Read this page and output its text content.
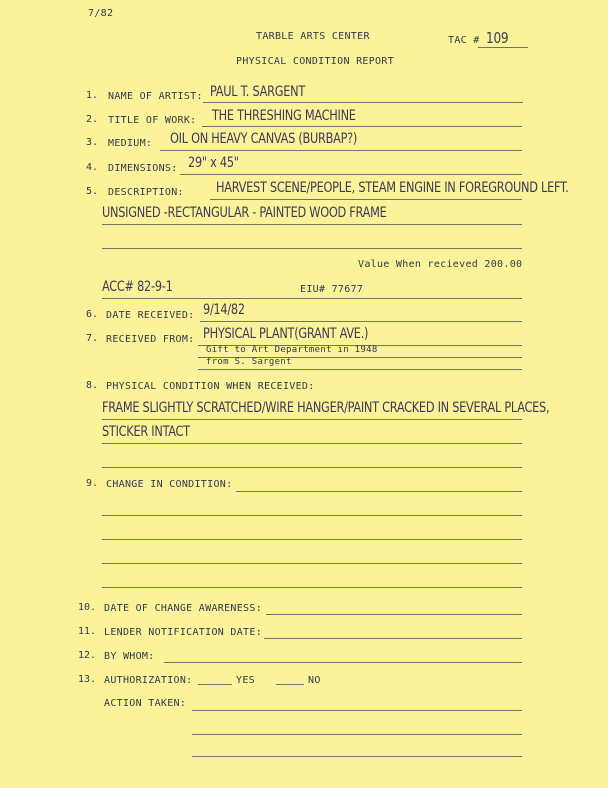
7/82
TARBLE ARTS CENTER	TAC # 109
PHYSICAL CONDITION REPORT
1. NAME OF ARTIST: PAUL T. SARGENT
2. TITLE OF WORK: THE THRESHING MACHINE
3. MEDIUM: OIL ON HEAVY CANVAS (BURBAP?)
4. DIMENSIONS: 29" x 45"
5. DESCRIPTION: HARVEST SCENE/PEOPLE, STEAM ENGINE IN FOREGROUND LEFT.
UNSIGNED -RECTANGULAR - PAINTED WOOD FRAME
Value When recieved 200.00
ACC# 82-9-1	EIU# 77677
6. DATE RECEIVED: 9/14/82
7. RECEIVED FROM: PHYSICAL PLANT(GRANT AVE.)
Gift to Art Department in 1948
from S. Sargent
8. PHYSICAL CONDITION WHEN RECEIVED:
FRAME SLIGHTLY SCRATCHED/WIRE HANGER/PAINT CRACKED IN SEVERAL PLACES,
STICKER INTACT
9. CHANGE IN CONDITION:
10. DATE OF CHANGE AWARENESS:
11. LENDER NOTIFICATION DATE:
12. BY WHOM:
13. AUTHORIZATION:	YES	NO
ACTION TAKEN:
